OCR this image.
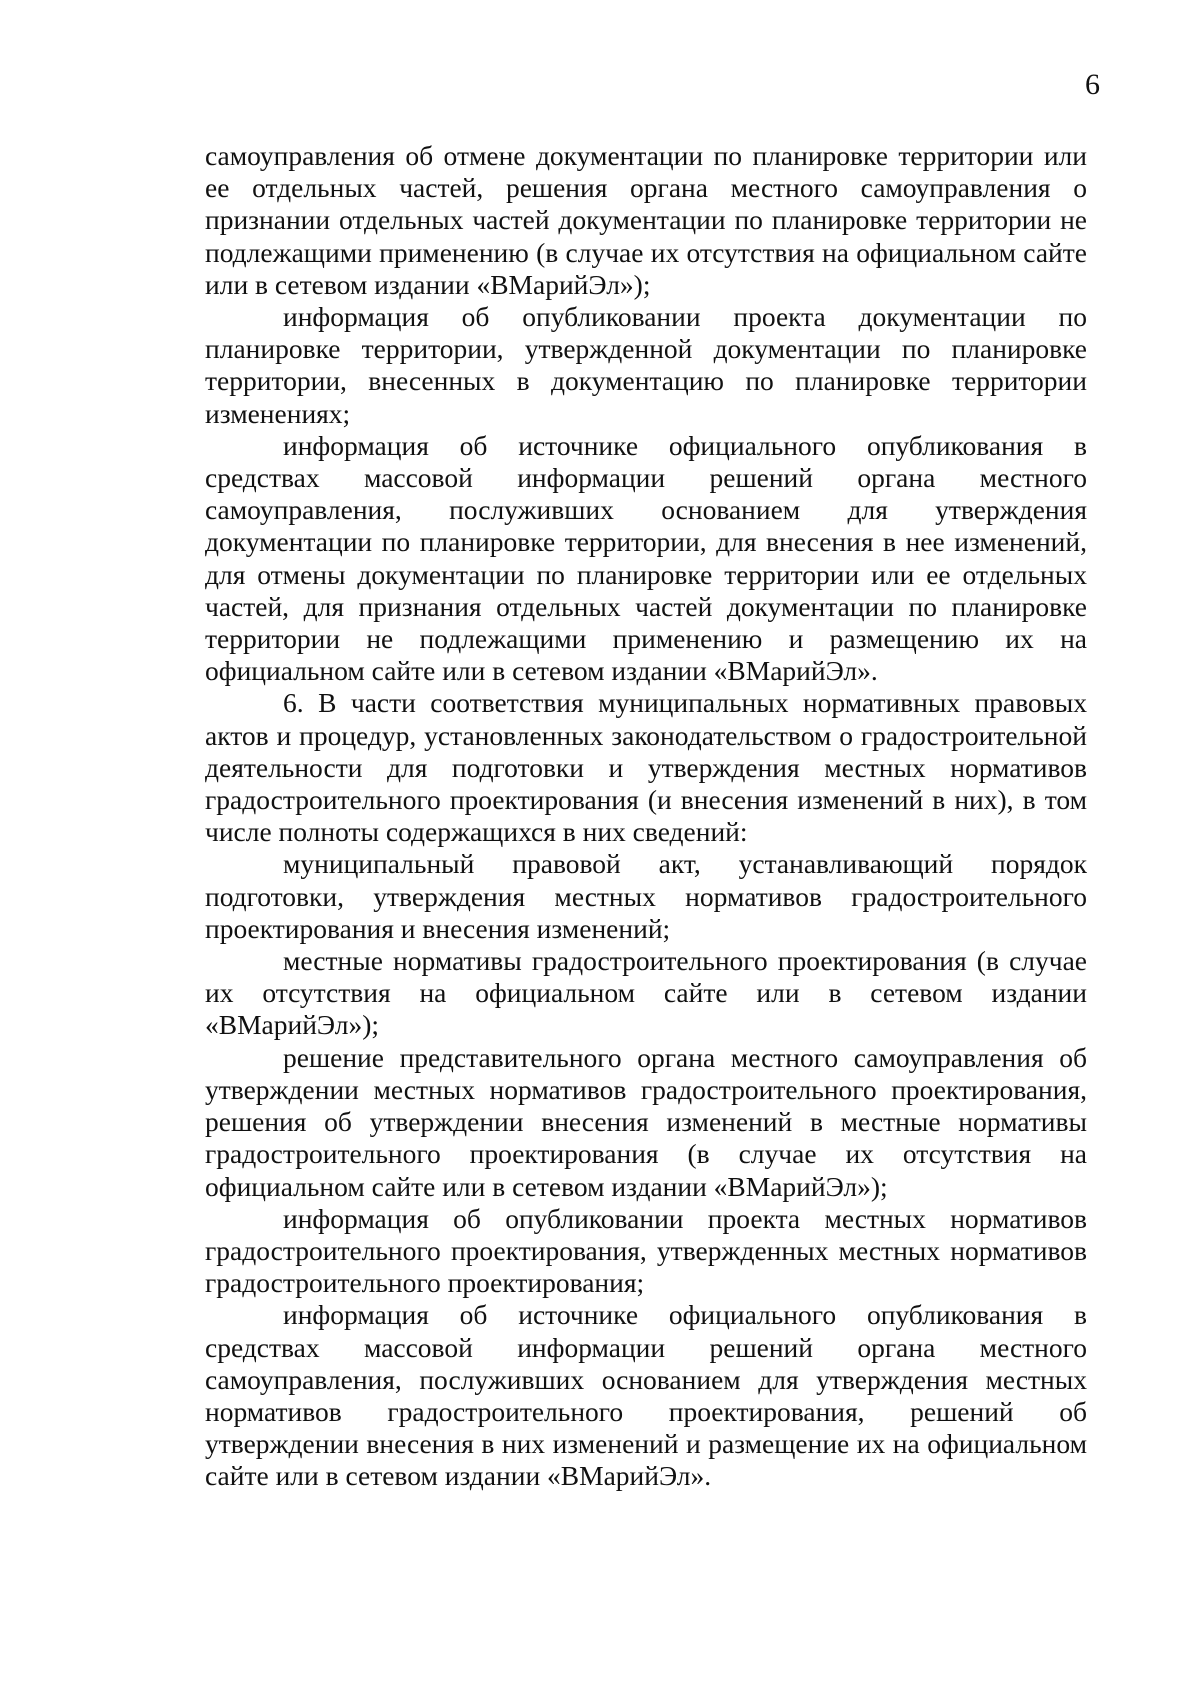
6

самоуправления об отмене документации по планировке территории или ее отдельных частей, решения органа местного самоуправления о признании отдельных частей документации по планировке территории не подлежащими применению (в случае их отсутствия на официальном сайте или в сетевом издании «ВМарийЭл»);

информация об опубликовании проекта документации по планировке территории, утвержденной документации по планировке территории, внесенных в документацию по планировке территории изменениях;

информация об источнике официального опубликования в средствах массовой информации решений органа местного самоуправления, послуживших основанием для утверждения документации по планировке территории, для внесения в нее изменений, для отмены документации по планировке территории или ее отдельных частей, для признания отдельных частей документации по планировке территории не подлежащими применению и размещению их на официальном сайте или в сетевом издании «ВМарийЭл».

6. В части соответствия муниципальных нормативных правовых актов и процедур, установленных законодательством о градостроительной деятельности для подготовки и утверждения местных нормативов градостроительного проектирования (и внесения изменений в них), в том числе полноты содержащихся в них сведений:

муниципальный правовой акт, устанавливающий порядок подготовки, утверждения местных нормативов градостроительного проектирования и внесения изменений;

местные нормативы градостроительного проектирования (в случае их отсутствия на официальном сайте или в сетевом издании «ВМарийЭл»);

решение представительного органа местного самоуправления об утверждении местных нормативов градостроительного проектирования, решения об утверждении внесения изменений в местные нормативы градостроительного проектирования (в случае их отсутствия на официальном сайте или в сетевом издании «ВМарийЭл»);

информация об опубликовании проекта местных нормативов градостроительного проектирования, утвержденных местных нормативов градостроительного проектирования;

информация об источнике официального опубликования в средствах массовой информации решений органа местного самоуправления, послуживших основанием для утверждения местных нормативов градостроительного проектирования, решений об утверждении внесения в них изменений и размещение их на официальном сайте или в сетевом издании «ВМарийЭл».
